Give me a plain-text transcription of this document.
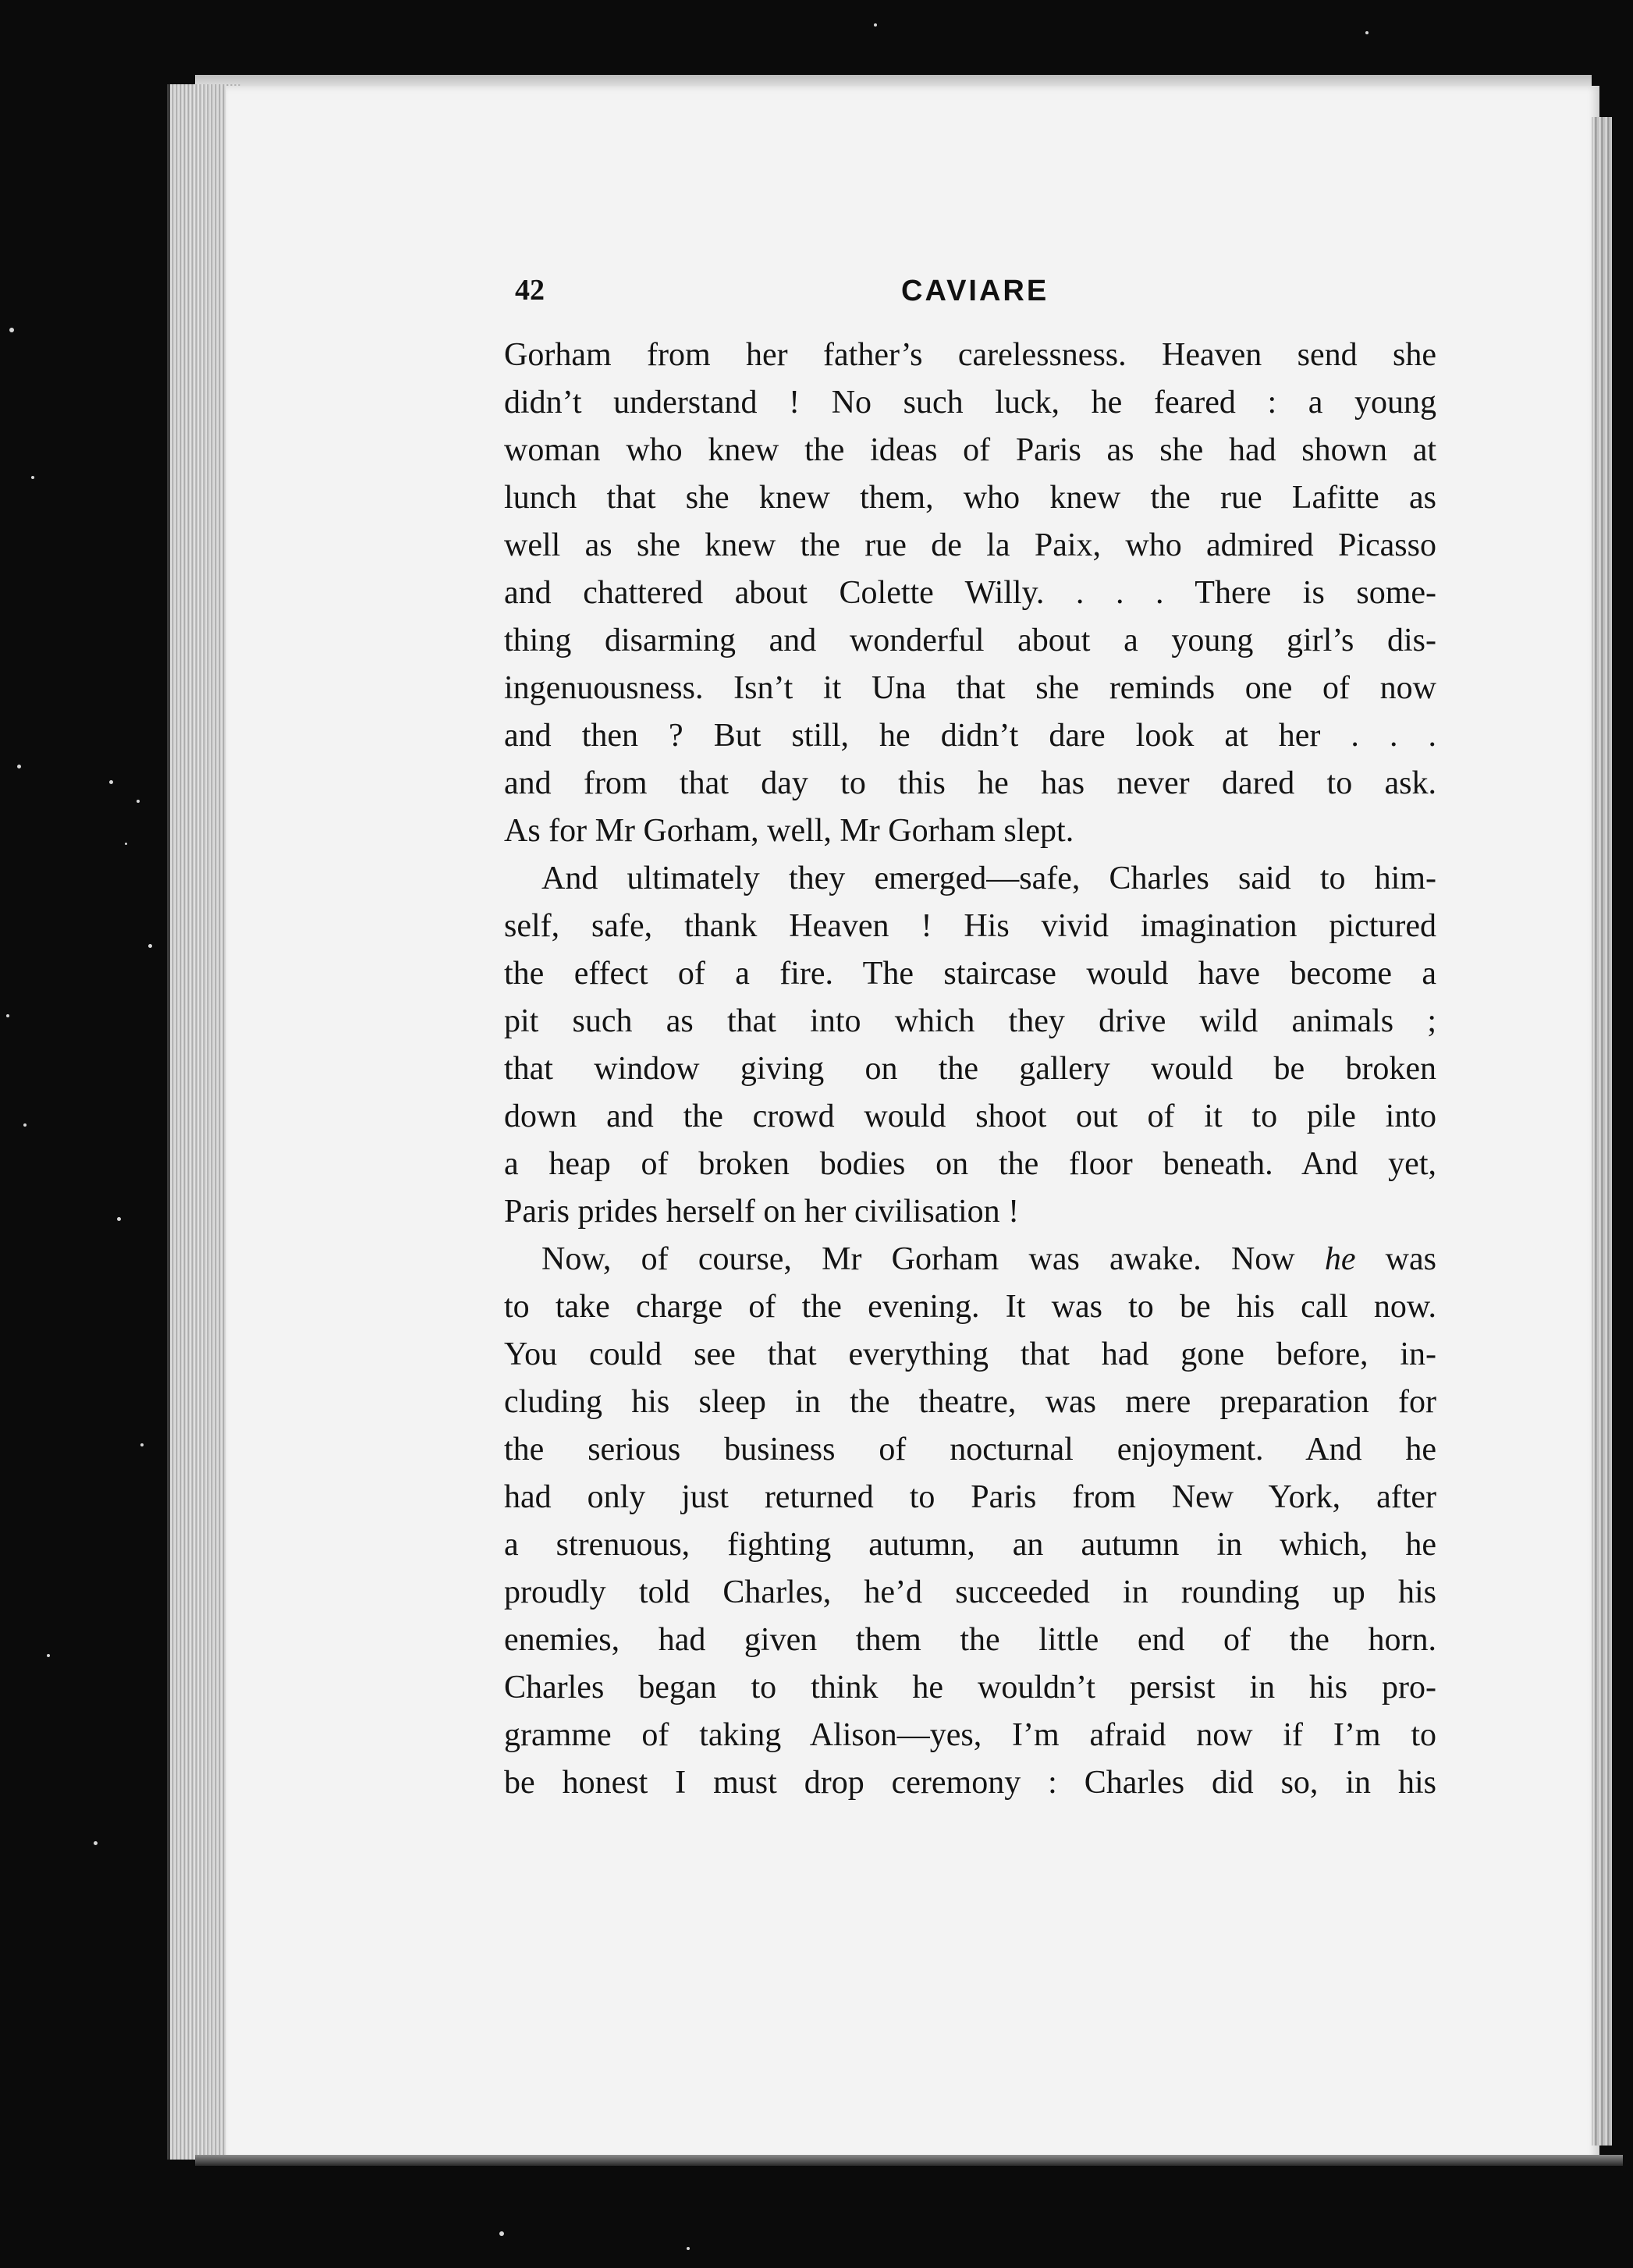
42	CAVIARE
Gorham from her father’s carelessness. Heaven send she
didn’t understand ! No such luck, he feared : a young
woman who knew the ideas of Paris as she had shown at
lunch that she knew them, who knew the rue Lafitte as
well as she knew the rue de la Paix, who admired Picasso
and chattered about Colette Willy. . . . There is some-
thing disarming and wonderful about a young girl’s dis-
ingenuousness. Isn’t it Una that she reminds one of now
and then ? But still, he didn’t dare look at her . . .
and from that day to this he has never dared to ask.
As for Mr Gorham, well, Mr Gorham slept.
And ultimately they emerged—safe, Charles said to him-
self, safe, thank Heaven ! His vivid imagination pictured
the effect of a fire. The staircase would have become a
pit such as that into which they drive wild animals ;
that window giving on the gallery would be broken
down and the crowd would shoot out of it to pile into
a heap of broken bodies on the floor beneath. And yet,
Paris prides herself on her civilisation !
Now, of course, Mr Gorham was awake. Now he was
to take charge of the evening. It was to be his call now.
You could see that everything that had gone before, in-
cluding his sleep in the theatre, was mere preparation for
the serious business of nocturnal enjoyment. And he
had only just returned to Paris from New York, after
a strenuous, fighting autumn, an autumn in which, he
proudly told Charles, he’d succeeded in rounding up his
enemies, had given them the little end of the horn.
Charles began to think he wouldn’t persist in his pro-
gramme of taking Alison—yes, I’m afraid now if I’m to
be honest I must drop ceremony : Charles did so, in his
